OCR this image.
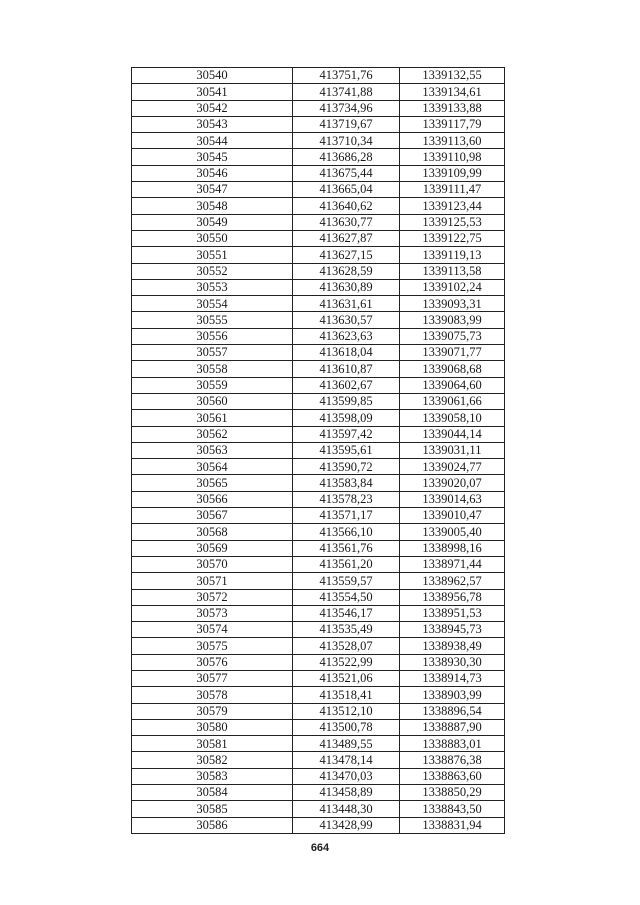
30540	413751,76	1339132,55
30541	413741,88	1339134,61
30542	413734,96	1339133,88
30543	413719,67	1339117,79
30544	413710,34	1339113,60
30545	413686,28	1339110,98
30546	413675,44	1339109,99
30547	413665,04	1339111,47
30548	413640,62	1339123,44
30549	413630,77	1339125,53
30550	413627,87	1339122,75
30551	413627,15	1339119,13
30552	413628,59	1339113,58
30553	413630,89	1339102,24
30554	413631,61	1339093,31
30555	413630,57	1339083,99
30556	413623,63	1339075,73
30557	413618,04	1339071,77
30558	413610,87	1339068,68
30559	413602,67	1339064,60
30560	413599,85	1339061,66
30561	413598,09	1339058,10
30562	413597,42	1339044,14
30563	413595,61	1339031,11
30564	413590,72	1339024,77
30565	413583,84	1339020,07
30566	413578,23	1339014,63
30567	413571,17	1339010,47
30568	413566,10	1339005,40
30569	413561,76	1338998,16
30570	413561,20	1338971,44
30571	413559,57	1338962,57
30572	413554,50	1338956,78
30573	413546,17	1338951,53
30574	413535,49	1338945,73
30575	413528,07	1338938,49
30576	413522,99	1338930,30
30577	413521,06	1338914,73
30578	413518,41	1338903,99
30579	413512,10	1338896,54
30580	413500,78	1338887,90
30581	413489,55	1338883,01
30582	413478,14	1338876,38
30583	413470,03	1338863,60
30584	413458,89	1338850,29
30585	413448,30	1338843,50
30586	413428,99	1338831,94
664
